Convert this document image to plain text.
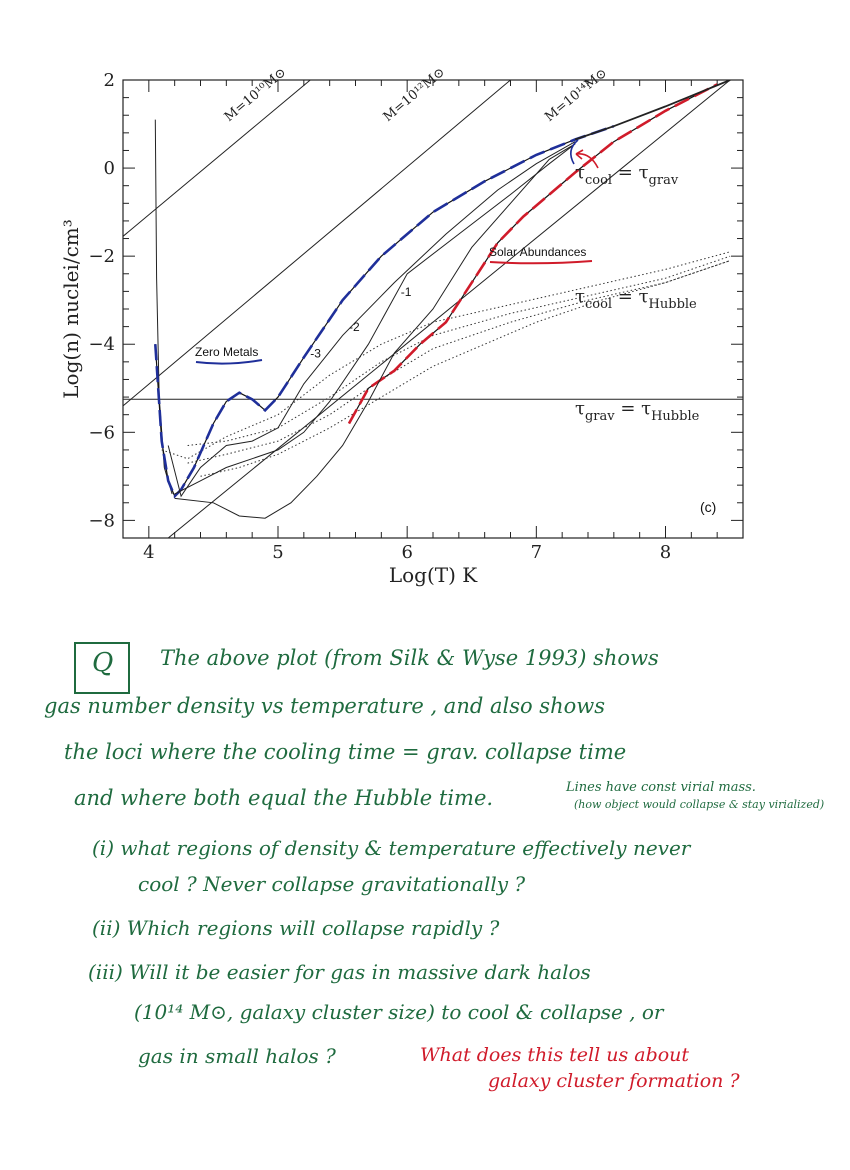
4	5	6	7	8
2
0
−2
−4
−6
−8
Log(T) K
Log(n) nuclei/cm³
M=10¹⁰M⊙	M=10¹²M⊙	M=10¹⁴M⊙
-3
-2
-1
Zero Metals
Solar Abundances
$\tau_{cool} = \tau_{grav}$
$\tau_{cool} = \tau_{Hubble}$
$\tau_{grav} = \tau_{Hubble}$
(c)
Q The above plot (from Silk & Wyse 1993) shows
gas number density vs temperature , and also shows
the loci where the cooling time = grav. collapse time
and where both equal the Hubble time.	Lines have const virial mass.
(how object would collapse & stay virialized)
(i) what regions of density & temperature effectively never
cool ? Never collapse gravitationally ?
(ii) Which regions will collapse rapidly ?
(iii) Will it be easier for gas in massive dark halos
(10¹⁴ M⊙, galaxy cluster size) to cool & collapse , or
gas in small halos ?	What does this tell us about
galaxy cluster formation ?
